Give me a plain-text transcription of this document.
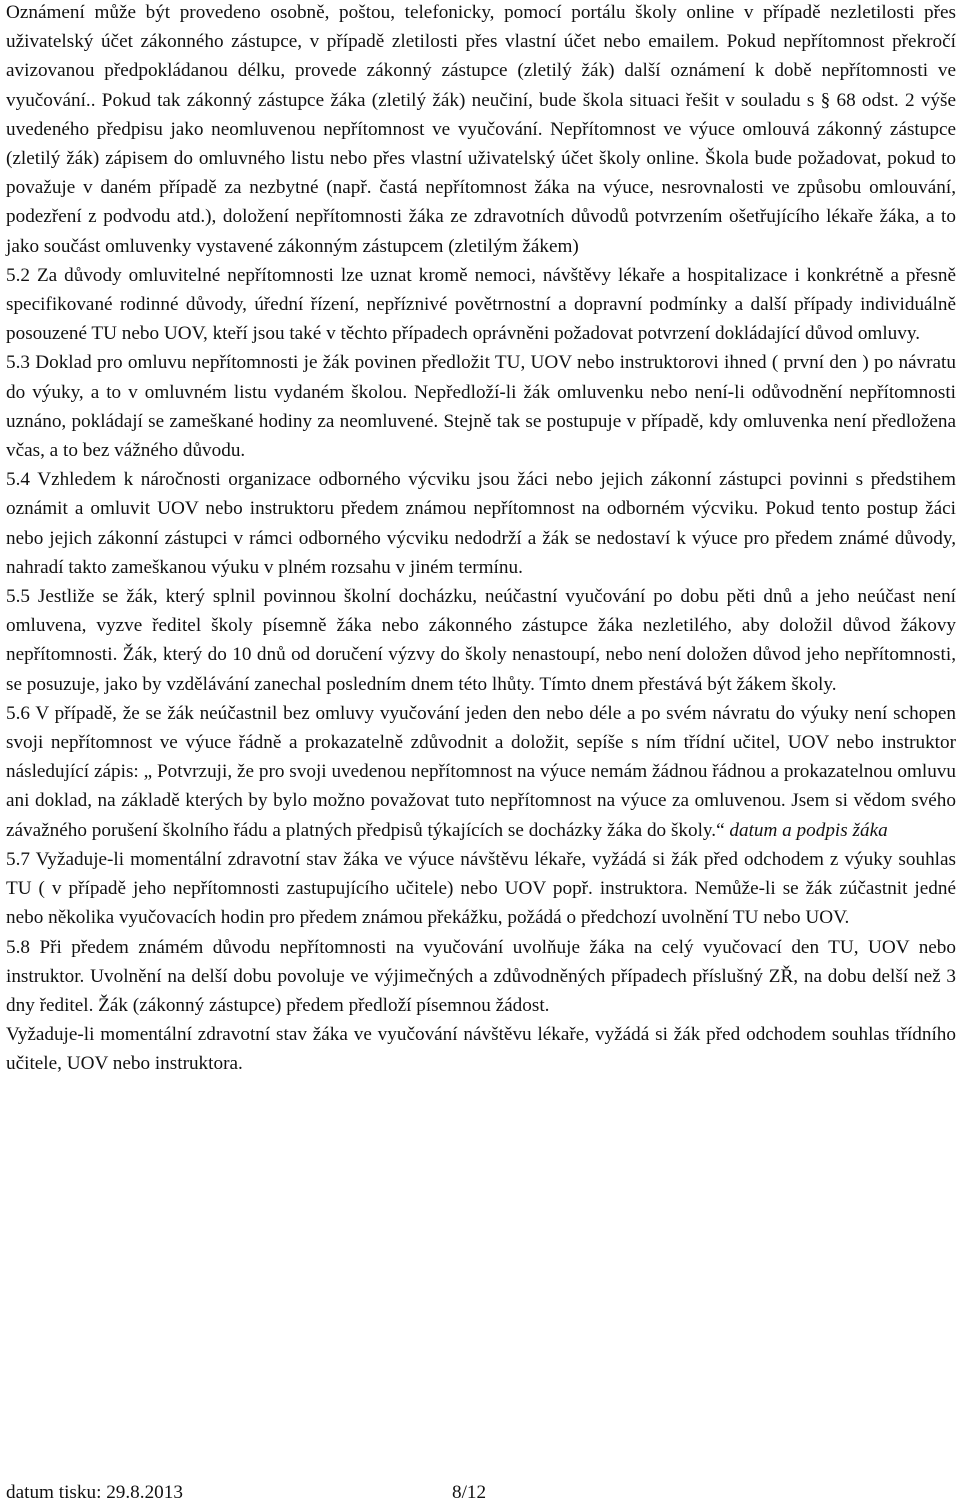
Oznámení může být provedeno osobně, poštou, telefonicky, pomocí portálu školy online v případě nezletilosti přes uživatelský účet zákonného zástupce, v případě zletilosti přes vlastní účet nebo emailem. Pokud nepřítomnost překročí avizovanou předpokládanou délku, provede zákonný zástupce (zletilý žák) další oznámení k době nepřítomnosti ve vyučování.. Pokud tak zákonný zástupce žáka (zletilý žák) neučiní, bude škola situaci řešit v souladu s § 68 odst. 2 výše uvedeného předpisu jako neomluvenou nepřítomnost ve vyučování. Nepřítomnost ve výuce omlouvá zákonný zástupce (zletilý žák) zápisem do omluvného listu nebo přes vlastní uživatelský účet školy online. Škola bude požadovat, pokud to považuje v daném případě za nezbytné (např. častá nepřítomnost žáka na výuce, nesrovnalosti ve způsobu omlouvání, podezření z podvodu atd.), doložení nepřítomnosti žáka ze zdravotních důvodů potvrzením ošetřujícího lékaře žáka, a to jako součást omluvenky vystavené zákonným zástupcem (zletilým žákem)

5.2 Za důvody omluvitelné nepřítomnosti lze uznat kromě nemoci, návštěvy lékaře a hospitalizace i konkrétně a přesně specifikované rodinné důvody, úřední řízení, nepříznivé povětrnostní a dopravní podmínky a další případy individuálně posouzené TU nebo UOV, kteří jsou také v těchto případech oprávněni požadovat potvrzení dokládající důvod omluvy.

5.3 Doklad pro omluvu nepřítomnosti je žák povinen předložit TU, UOV nebo instruktorovi ihned ( první den ) po návratu do výuky, a to v omluvném listu vydaném školou. Nepředloží-li žák omluvenku nebo není-li odůvodnění nepřítomnosti uznáno, pokládají se zameškané hodiny za neomluvené. Stejně tak se postupuje v případě, kdy omluvenka není předložena včas, a to bez vážného důvodu.

5.4 Vzhledem k náročnosti organizace odborného výcviku jsou žáci nebo jejich zákonní zástupci povinni s předstihem oznámit a omluvit UOV nebo instruktoru předem známou nepřítomnost na odborném výcviku. Pokud tento postup žáci nebo jejich zákonní zástupci v rámci odborného výcviku nedodrží a žák se nedostaví k výuce pro předem známé důvody, nahradí takto zameškanou výuku v plném rozsahu v jiném termínu.

5.5 Jestliže se žák, který splnil povinnou školní docházku, neúčastní vyučování po dobu pěti dnů a jeho neúčast není omluvena, vyzve ředitel školy písemně žáka nebo zákonného zástupce žáka nezletilého, aby doložil důvod žákovy nepřítomnosti. Žák, který do 10 dnů od doručení výzvy do školy nenastoupí, nebo není doložen důvod jeho nepřítomnosti, se posuzuje, jako by vzdělávání zanechal posledním dnem této lhůty. Tímto dnem přestává být žákem školy.

5.6 V případě, že se žák neúčastnil bez omluvy vyučování jeden den nebo déle a po svém návratu do výuky není schopen svoji nepřítomnost ve výuce řádně a prokazatelně zdůvodnit a doložit, sepíše s ním třídní učitel, UOV nebo instruktor následující zápis: „ Potvrzuji, že pro svoji uvedenou nepřítomnost na výuce nemám žádnou řádnou a prokazatelnou omluvu ani doklad, na základě kterých by bylo možno považovat tuto nepřítomnost na výuce za omluvenou. Jsem si vědom svého závažného porušení školního řádu a platných předpisů týkajících se docházky žáka do školy.“ datum a podpis žáka

5.7 Vyžaduje-li momentální zdravotní stav žáka ve výuce návštěvu lékaře, vyžádá si žák před odchodem z výuky souhlas TU ( v případě jeho nepřítomnosti zastupujícího učitele) nebo UOV popř. instruktora. Nemůže-li se žák zúčastnit jedné nebo několika vyučovacích hodin pro předem známou překážku, požádá o předchozí uvolnění TU nebo UOV.

5.8 Při předem známém důvodu nepřítomnosti na vyučování uvolňuje žáka na celý vyučovací den TU, UOV nebo instruktor. Uvolnění na delší dobu povoluje ve výjimečných a zdůvodněných případech příslušný ZŘ, na dobu delší než 3 dny ředitel. Žák (zákonný zástupce) předem předloží písemnou žádost.

Vyžaduje-li momentální zdravotní stav žáka ve vyučování návštěvu lékaře, vyžádá si žák před odchodem souhlas třídního učitele, UOV nebo instruktora.

datum tisku: 29.8.2013	8/12
